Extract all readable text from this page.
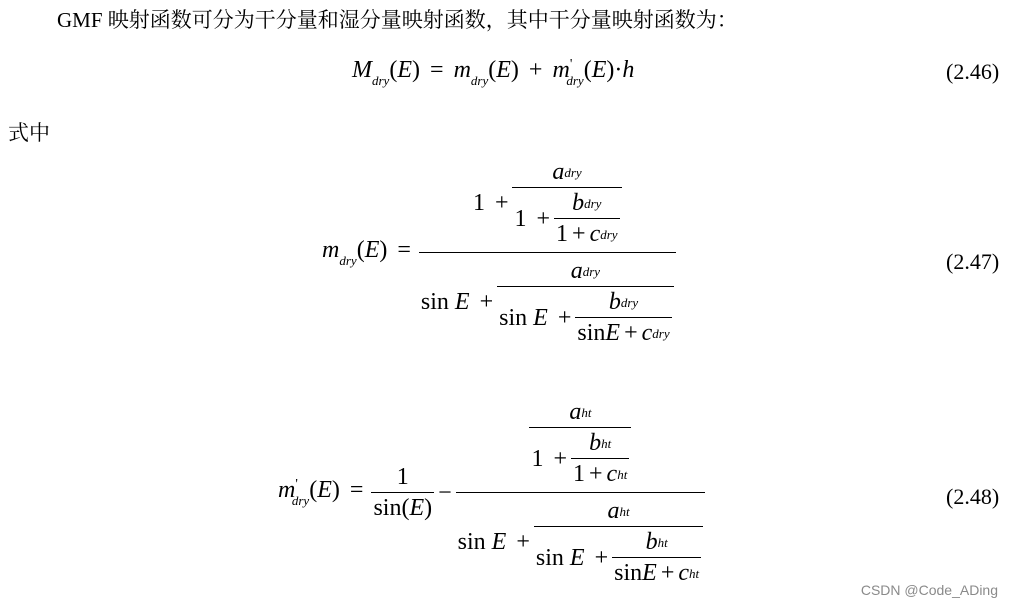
GMF 映射函数可分为干分量和湿分量映射函数，其中干分量映射函数为：
$M_{dry}(E) = m_{dry}(E) + m'_{dry}(E)\cdot h$	(2.46)
式中
$m_{dry}(E)$ =
1 +
a dry
$1 + \frac{\text{b dry}}{\text{1 + c dry}}$
sin E +
a dry
$\sin E + \frac{\text{b dry}}{\text{sin E + c dry}}$
(2.47)
$m'_{dry}(E) = \frac{1}{\sin( E )}$ −
a ht
$1 + \frac{\text{b ht}}{\text{1 + c ht}}$
sin E +
a ht
$\sin E + \frac{\text{b ht}}{\text{sin E + c ht}}$
(2.48)
CSDN @Code_ADing
